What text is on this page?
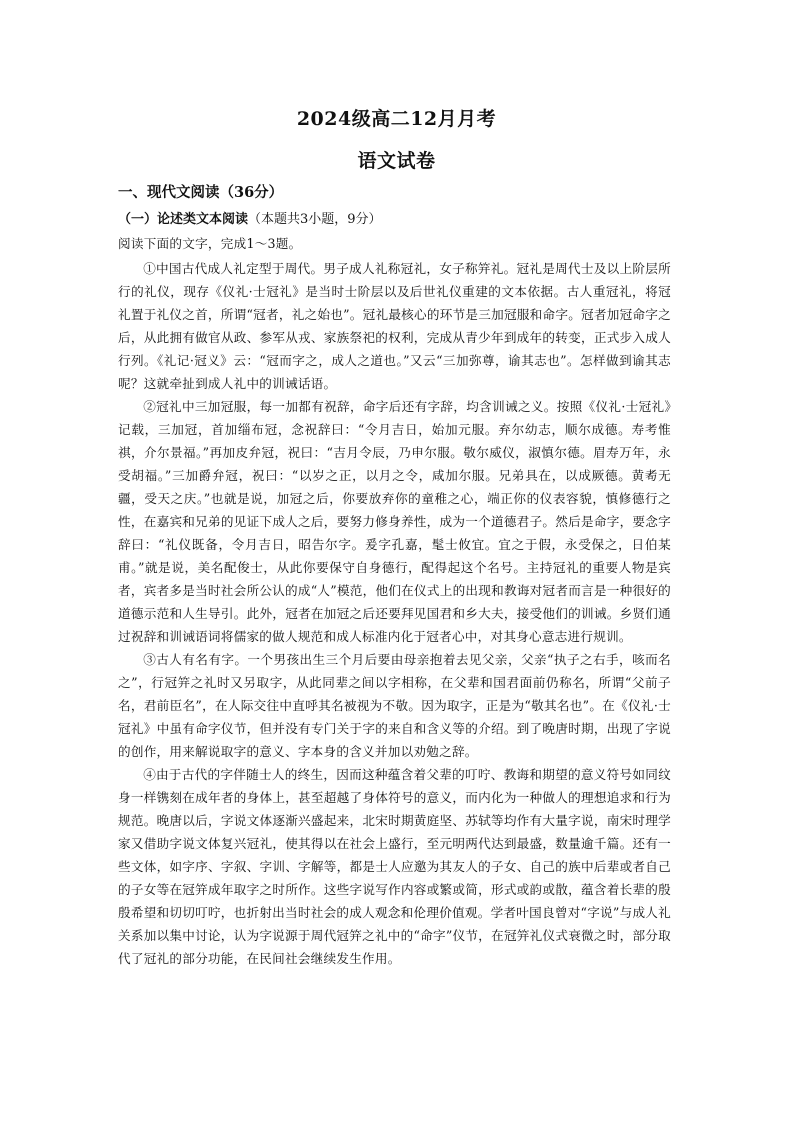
2024级高二12月月考
语文试卷
一、现代文阅读（36分）
（一）论述类文本阅读（本题共3小题，9分）
阅读下面的文字，完成1～3题。

①中国古代成人礼定型于周代。男子成人礼称冠礼，女子称笄礼。冠礼是周代士及以上阶层所行的礼仪，现存《仪礼·士冠礼》是当时士阶层以及后世礼仪重建的文本依据。古人重冠礼，将冠礼置于礼仪之首，所谓“冠者，礼之始也”。冠礼最核心的环节是三加冠服和命字。冠者加冠命字之后，从此拥有做官从政、参军从戎、家族祭祀的权利，完成从青少年到成年的转变，正式步入成人行列。《礼记·冠义》云：“冠而字之，成人之道也。”又云“三加弥尊，谕其志也”。怎样做到谕其志呢？这就牵扯到成人礼中的训诫话语。

②冠礼中三加冠服，每一加都有祝辞，命字后还有字辞，均含训诫之义。按照《仪礼·士冠礼》记载，三加冠，首加缁布冠，念祝辞曰：“令月吉日，始加元服。弃尔幼志，顺尔成德。寿考惟祺，介尔景福。”再加皮弁冠，祝曰：“吉月令辰，乃申尔服。敬尔威仪，淑慎尔德。眉寿万年，永受胡福。”三加爵弁冠，祝曰：“以岁之正，以月之令，咸加尔服。兄弟具在，以成厥德。黄耇无疆，受天之庆。”也就是说，加冠之后，你要放弃你的童稚之心，端正你的仪表容貌，慎修德行之性，在嘉宾和兄弟的见证下成人之后，要努力修身养性，成为一个道德君子。然后是命字，要念字辞曰：“礼仪既备，令月吉日，昭告尔字。爰字孔嘉，髦士攸宜。宜之于假，永受保之，日伯某甫。”就是说，美名配俊士，从此你要保守自身德行，配得起这个名号。主持冠礼的重要人物是宾者，宾者多是当时社会所公认的成“人”模范，他们在仪式上的出现和教诲对冠者而言是一种很好的道德示范和人生导引。此外，冠者在加冠之后还要拜见国君和乡大夫，接受他们的训诫。乡贤们通过祝辞和训诫语词将儒家的做人规范和成人标准内化于冠者心中，对其身心意志进行规训。

③古人有名有字。一个男孩出生三个月后要由母亲抱着去见父亲，父亲“执子之右手，咳而名之”，行冠笄之礼时又另取字，从此同辈之间以字相称，在父辈和国君面前仍称名，所谓“父前子名，君前臣名”，在人际交往中直呼其名被视为不敬。因为取字，正是为“敬其名也”。在《仪礼·士冠礼》中虽有命字仪节，但并没有专门关于字的来自和含义等的介绍。到了晚唐时期，出现了字说的创作，用来解说取字的意义、字本身的含义并加以劝勉之辞。

④由于古代的字伴随士人的终生，因而这种蕴含着父辈的叮咛、教诲和期望的意义符号如同纹身一样镌刻在成年者的身体上，甚至超越了身体符号的意义，而内化为一种做人的理想追求和行为规范。晚唐以后，字说文体逐渐兴盛起来，北宋时期黄庭坚、苏轼等均作有大量字说，南宋时理学家又借助字说文体复兴冠礼，使其得以在社会上盛行，至元明两代达到最盛，数量逾千篇。还有一些文体，如字序、字叙、字训、字解等，都是士人应邀为其友人的子女、自己的族中后辈或者自己的子女等在冠笄成年取字之时所作。这些字说写作内容或繁或简，形式或韵或散，蕴含着长辈的殷殷希望和切切叮咛，也折射出当时社会的成人观念和伦理价值观。学者叶国良曾对“字说”与成人礼关系加以集中讨论，认为字说源于周代冠笄之礼中的“命字”仪节，在冠笄礼仪式衰微之时，部分取代了冠礼的部分功能，在民间社会继续发生作用。
